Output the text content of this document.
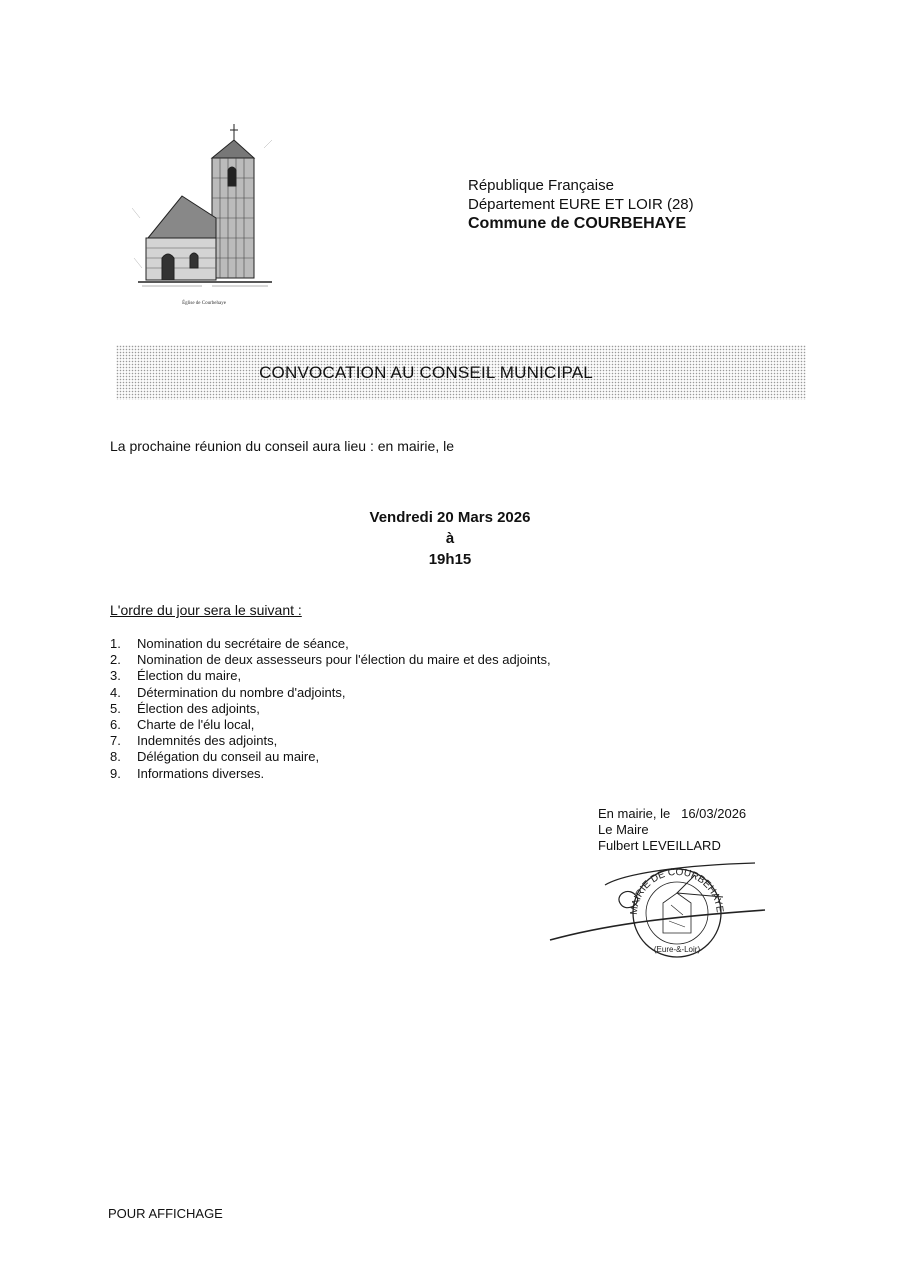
Église de Courbehaye
République Française
Département EURE ET LOIR (28)
Commune de COURBEHAYE
CONVOCATION AU CONSEIL MUNICIPAL
La prochaine réunion du conseil aura lieu : en mairie, le
Vendredi 20 Mars 2026
à
19h15
L'ordre du jour sera le suivant :
1. Nomination du secrétaire de séance,
2. Nomination de deux assesseurs pour l'élection du maire et des adjoints,
3. Élection du maire,
4. Détermination du nombre d'adjoints,
5. Élection des adjoints,
6. Charte de l'élu local,
7. Indemnités des adjoints,
8. Délégation du conseil au maire,
9. Informations diverses.
En mairie, le   16/03/2026
Le Maire
Fulbert LEVEILLARD
MAIRIE DE COURBEHAYE
(Eure-&-Loir)
POUR AFFICHAGE
